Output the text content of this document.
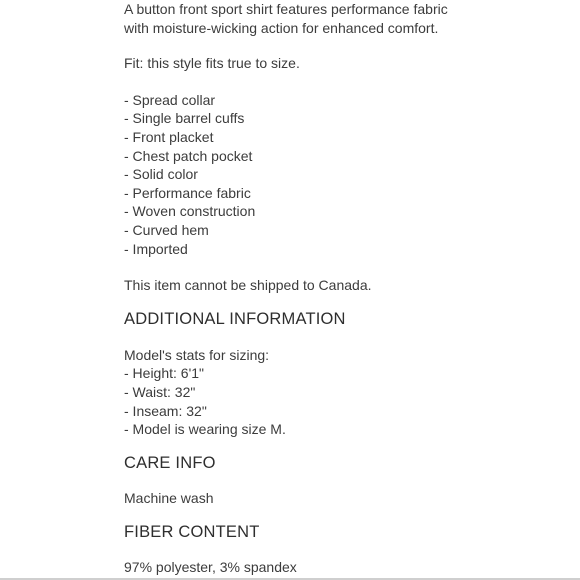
A button front sport shirt features performance fabric

with moisture-wicking action for enhanced comfort.

Fit: this style fits true to size.

- Spread collar
- Single barrel cuffs
- Front placket
- Chest patch pocket
- Solid color
- Performance fabric
- Woven construction
- Curved hem
- Imported

This item cannot be shipped to Canada.

ADDITIONAL INFORMATION

Model's stats for sizing:

- Height: 6'1"
- Waist: 32"
- Inseam: 32"
- Model is wearing size M.
CARE INFO

Machine wash

FIBER CONTENT

97% polyester, 3% spandex
